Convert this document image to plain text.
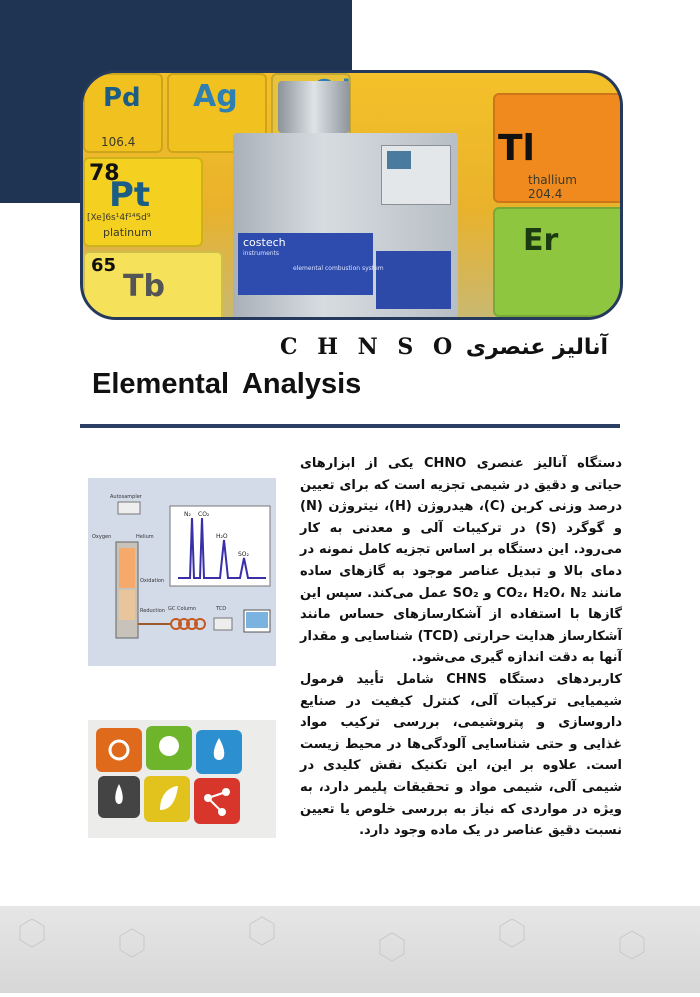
Pd
106.4
Ag
78
Pt
[Xe]6s¹4f¹⁴5d⁹
platinum
65
Tb
Tl
thallium
204.4
Er
costech
instruments
elemental combustion system
آنالیز عنصری C H N S O
Elemental Analysis
Autosampler
Oxygen	Helium
Oxidation
Reduction GC Column	TCD
N₂ CO₂
H₂O
SO₂

دستگاه آنالیز عنصری CHNO یکی از ابزارهای حیاتی و دقیق در شیمی تجزیه است که برای تعیین درصد وزنی کربن (C)، هیدروژن (H)، نیتروژن (N) و گوگرد (S) در ترکیبات آلی و معدنی به کار می‌رود. این دستگاه بر اساس تجزیه کامل نمونه در دمای بالا و تبدیل عناصر موجود به گازهای ساده مانند CO₂، H₂O، N₂ و SO₂ عمل می‌کند. سپس این گازها با استفاده از آشکارسازهای حساس مانند آشکارساز هدایت حرارتی (TCD) شناسایی و مقدار آنها به دقت اندازه گیری می‌شود.

کاربردهای دستگاه CHNS شامل تأیید فرمول شیمیایی ترکیبات آلی، کنترل کیفیت در صنایع داروسازی و پتروشیمی، بررسی ترکیب مواد غذایی و حتی شناسایی آلودگی‌ها در محیط زیست است. علاوه بر این، این تکنیک نقش کلیدی در شیمی آلی، شیمی مواد و تحقیقات پلیمر دارد، به ویژه در مواردی که نیاز به بررسی خلوص یا تعیین نسبت دقیق عناصر در یک ماده وجود دارد.
